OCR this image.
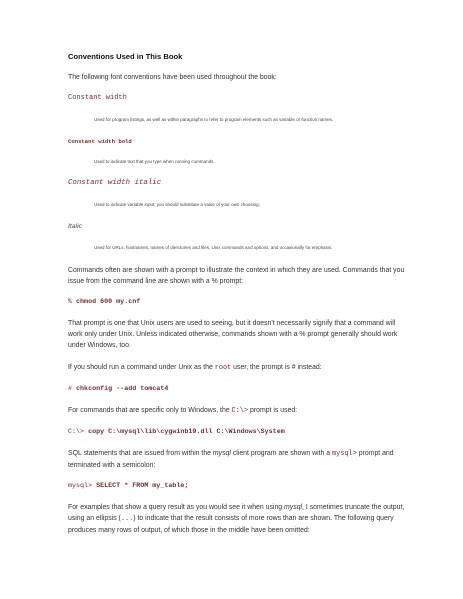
Conventions Used in This Book

The following font conventions have been used throughout the book:

Constant width
Used for program listings, as well as within paragraphs to refer to program elements such as variable or function names.
Constant width bold
Used to indicate text that you type when running commands.
Constant width italic
Used to indicate variable input; you should substitute a value of your own choosing.
Italic
Used for URLs, hostnames, names of directories and files, Unix commands and options, and occasionally for emphasis.

Commands often are shown with a prompt to illustrate the context in which they are used. Commands that you issue from the command line are shown with a % prompt:

% chmod 600 my.cnf

That prompt is one that Unix users are used to seeing, but it doesn't necessarily signify that a command will work only under Unix. Unless indicated otherwise, commands shown with a % prompt generally should work under Windows, too.

If you should run a command under Unix as the root user, the prompt is # instead:

# chkconfig --add tomcat4

For commands that are specific only to Windows, the C:\> prompt is used:

C:\> copy C:\mysql\lib\cygwinb19.dll C:\Windows\System

SQL statements that are issued from within the mysql client program are shown with a mysql> prompt and terminated with a semicolon:

mysql> SELECT * FROM my_table;

For examples that show a query result as you would see it when using mysql, I sometimes truncate the output, using an ellipsis (...) to indicate that the result consists of more rows than are shown. The following query produces many rows of output, of which those in the middle have been omitted:
